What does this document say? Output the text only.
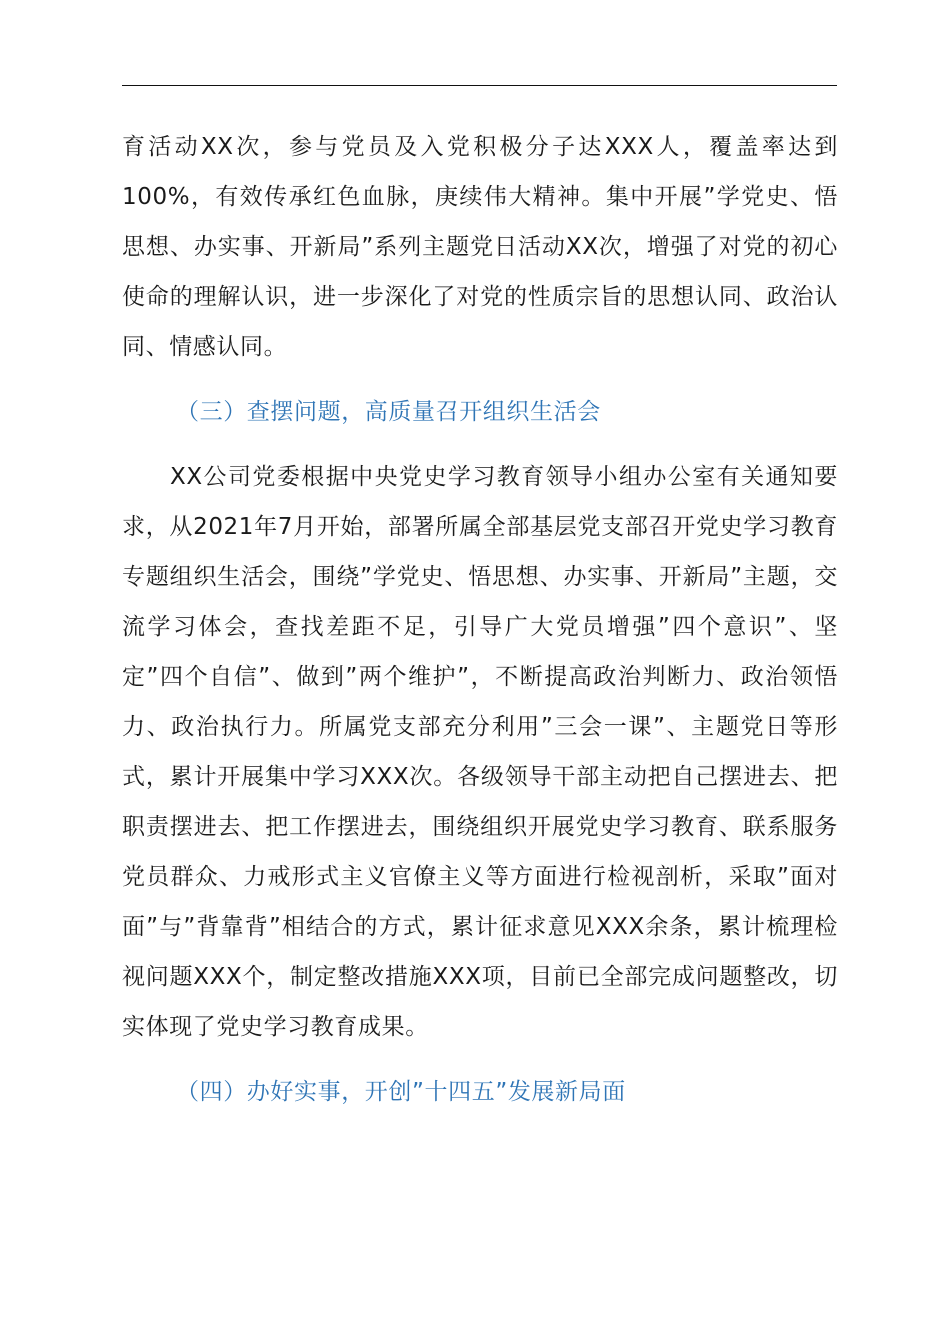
育活动XX次，参与党员及入党积极分子达XXX人，覆盖率达到100%，有效传承红色血脉，庚续伟大精神。集中开展”学党史、悟思想、办实事、开新局”系列主题党日活动XX次，增强了对党的初心使命的理解认识，进一步深化了对党的性质宗旨的思想认同、政治认同、情感认同。

（三）查摆问题，高质量召开组织生活会

XX公司党委根据中央党史学习教育领导小组办公室有关通知要求，从2021年7月开始，部署所属全部基层党支部召开党史学习教育专题组织生活会，围绕”学党史、悟思想、办实事、开新局”主题，交流学习体会，查找差距不足，引导广大党员增强”四个意识”、坚定”四个自信”、做到”两个维护”，不断提高政治判断力、政治领悟力、政治执行力。所属党支部充分利用”三会一课”、主题党日等形式，累计开展集中学习XXX次。各级领导干部主动把自己摆进去、把职责摆进去、把工作摆进去，围绕组织开展党史学习教育、联系服务党员群众、力戒形式主义官僚主义等方面进行检视剖析，采取”面对面”与”背靠背”相结合的方式，累计征求意见XXX余条，累计梳理检视问题XXX个，制定整改措施XXX项，目前已全部完成问题整改，切实体现了党史学习教育成果。

（四）办好实事，开创”十四五”发展新局面
